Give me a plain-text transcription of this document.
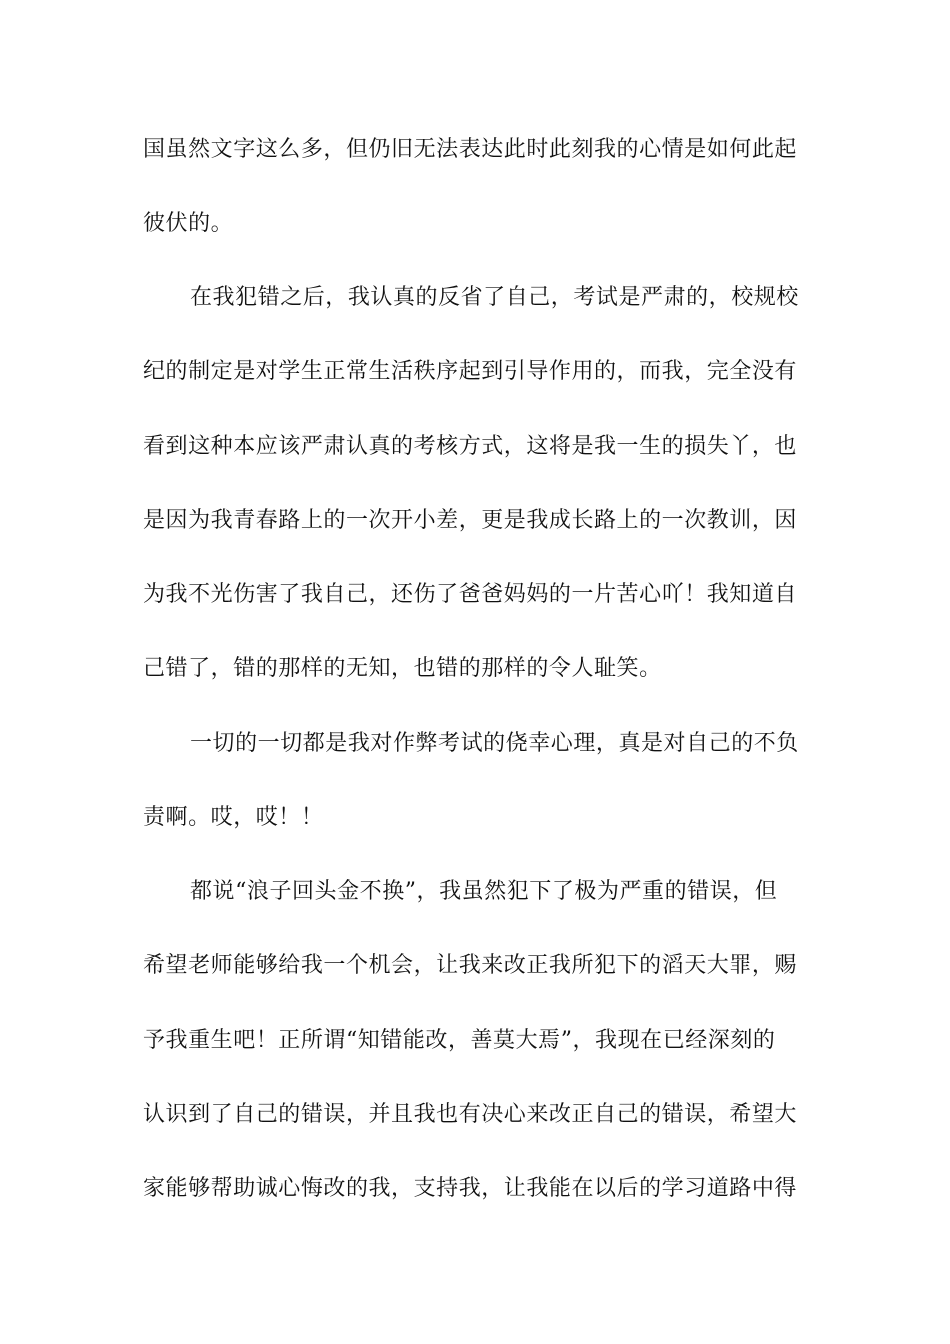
国虽然文字这么多，但仍旧无法表达此时此刻我的心情是如何此起
彼伏的。
在我犯错之后，我认真的反省了自己，考试是严肃的，校规校
纪的制定是对学生正常生活秩序起到引导作用的，而我，完全没有
看到这种本应该严肃认真的考核方式，这将是我一生的损失丫，也
是因为我青春路上的一次开小差，更是我成长路上的一次教训，因
为我不光伤害了我自己，还伤了爸爸妈妈的一片苦心吖！我知道自
己错了，错的那样的无知，也错的那样的令人耻笑。
一切的一切都是我对作弊考试的侥幸心理，真是对自己的不负
责啊。哎，哎！！
都说“浪子回头金不换”，我虽然犯下了极为严重的错误，但
希望老师能够给我一个机会，让我来改正我所犯下的滔天大罪，赐
予我重生吧！正所谓“知错能改，善莫大焉”，我现在已经深刻的
认识到了自己的错误，并且我也有决心来改正自己的错误，希望大
家能够帮助诚心悔改的我，支持我，让我能在以后的学习道路中得
